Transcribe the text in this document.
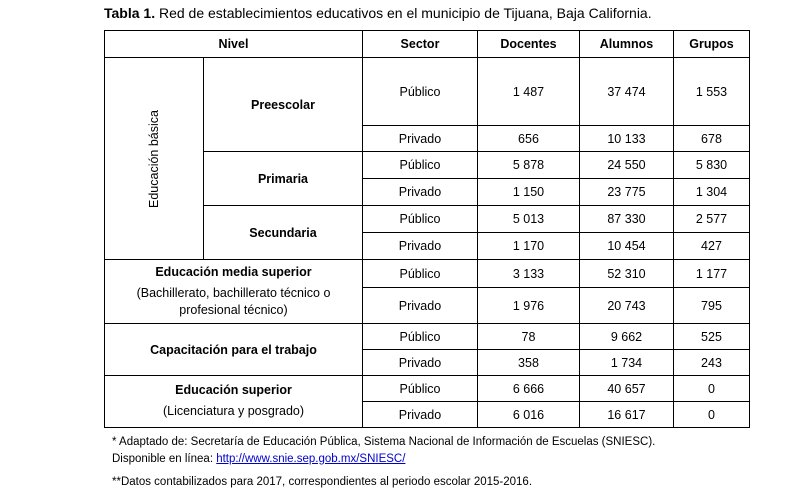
Tabla 1. Red de establecimientos educativos en el municipio de Tijuana, Baja California.
Nivel		Sector	Docentes	Alumnos	Grupos
Educación básica	Preescolar	Público	1 487	37 474	1 553
		Privado	656	10 133	678
	Primaria	Público	5 878	24 550	5 830
		Privado	1 150	23 775	1 304
	Secundaria	Público	5 013	87 330	2 577
		Privado	1 170	10 454	427

Educación media superior
(Bachillerato, bachillerato técnico o profesional técnico)		Público	3 133	52 310	1 177
		Privado	1 976	20 743	795
Capacitación para el trabajo		Público	78	9 662	525
		Privado	358	1 734	243

Educación superior
(Licenciatura y posgrado)		Público	6 666	40 657	0
		Privado	6 016	16 617	0
* Adaptado de: Secretaría de Educación Pública, Sistema Nacional de Información de Escuelas (SNIESC).
Disponible en línea: http://www.snie.sep.gob.mx/SNIESC/
**Datos contabilizados para 2017, correspondientes al periodo escolar 2015-2016.
